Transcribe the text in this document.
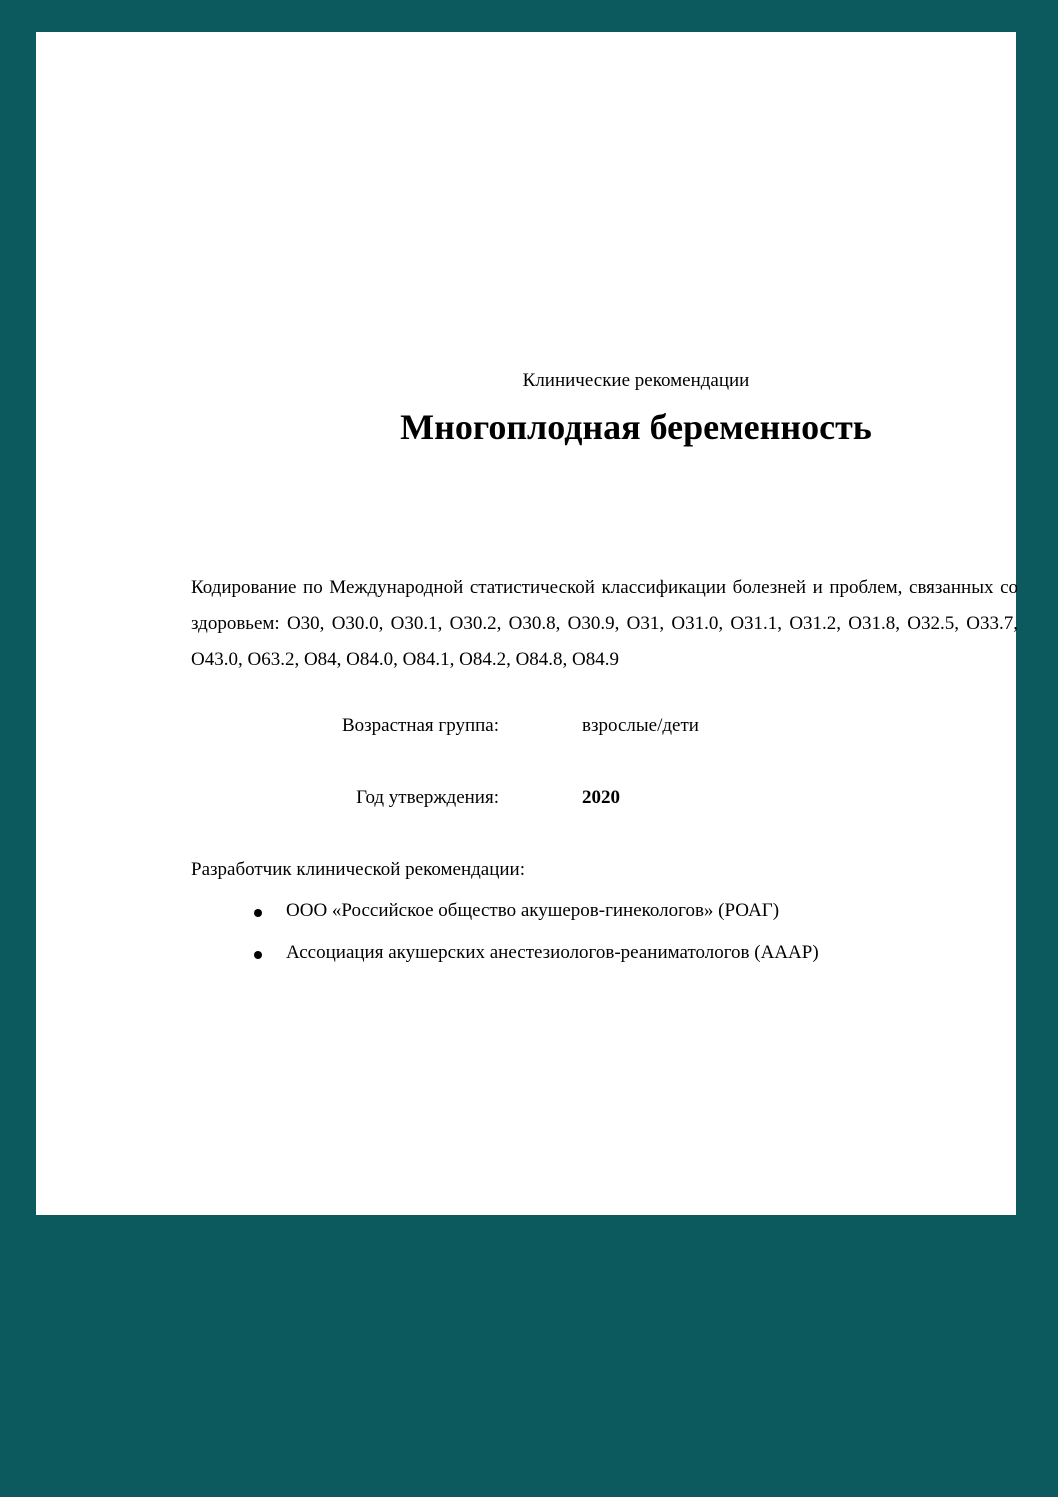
Клинические рекомендации
Многоплодная беременность
Кодирование по Международной статистической классификации болезней и проблем, связанных со здоровьем: O30, O30.0, O30.1, O30.2, O30.8, O30.9, O31, O31.0, O31.1, O31.2, O31.8, O32.5, O33.7, O43.0, O63.2, O84, O84.0, O84.1, O84.2, O84.8, O84.9
Возрастная группа:	взрослые/дети
Год утверждения:	2020
Разработчик клинической рекомендации:
ООО «Российское общество акушеров-гинекологов» (РОАГ)
Ассоциация акушерских анестезиологов-реаниматологов (АААР)
